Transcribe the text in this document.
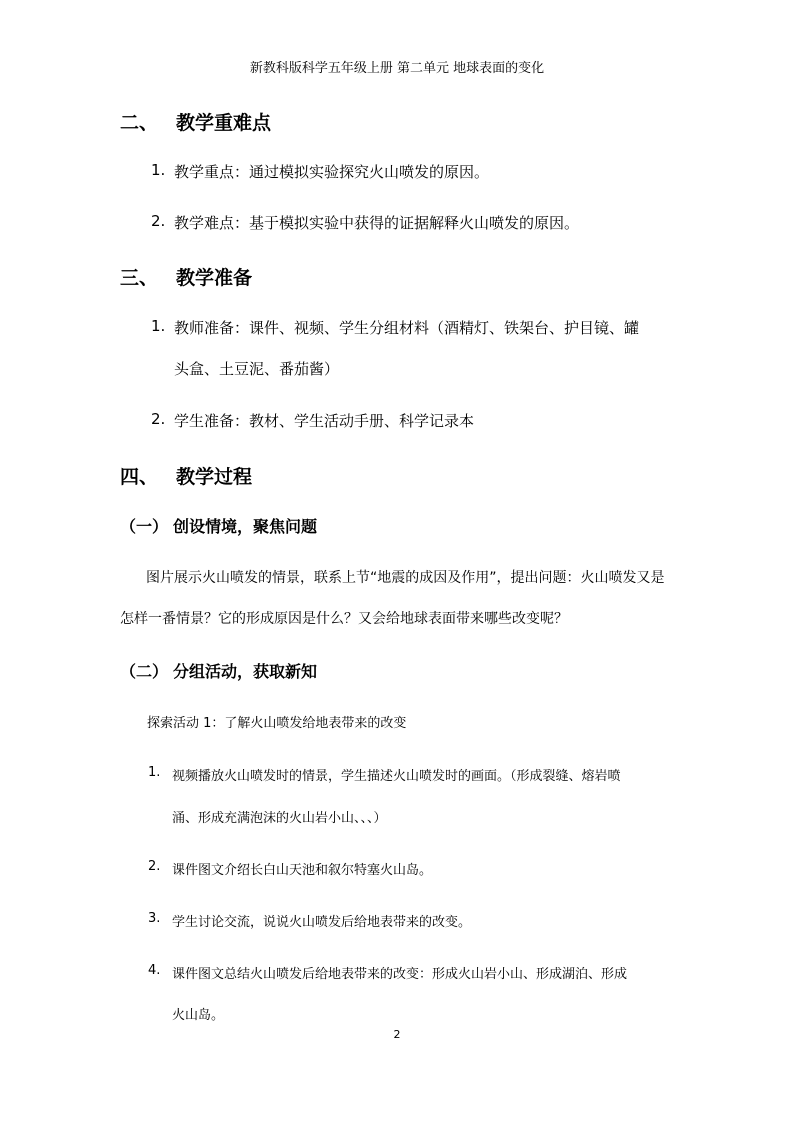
新教科版科学五年级上册 第二单元 地球表面的变化
二、 教学重难点
1. 教学重点：通过模拟实验探究火山喷发的原因。
2. 教学难点：基于模拟实验中获得的证据解释火山喷发的原因。
三、 教学准备
1. 教师准备：课件、视频、学生分组材料（酒精灯、铁架台、护目镜、罐
头盒、土豆泥、番茄酱）
2. 学生准备：教材、学生活动手册、科学记录本
四、 教学过程
（一） 创设情境，聚焦问题
图片展示火山喷发的情景，联系上节“地震的成因及作用”，提出问题：火山喷发又是
怎样一番情景？它的形成原因是什么？又会给地球表面带来哪些改变呢？
（二） 分组活动，获取新知
探索活动 1：了解火山喷发给地表带来的改变
1. 视频播放火山喷发时的情景，学生描述火山喷发时的画面。（形成裂缝、熔岩喷
涌、形成充满泡沫的火山岩小山、、、）
2. 课件图文介绍长白山天池和叙尔特塞火山岛。
3. 学生讨论交流，说说火山喷发后给地表带来的改变。
4. 课件图文总结火山喷发后给地表带来的改变：形成火山岩小山、形成湖泊、形成
火山岛。
2
